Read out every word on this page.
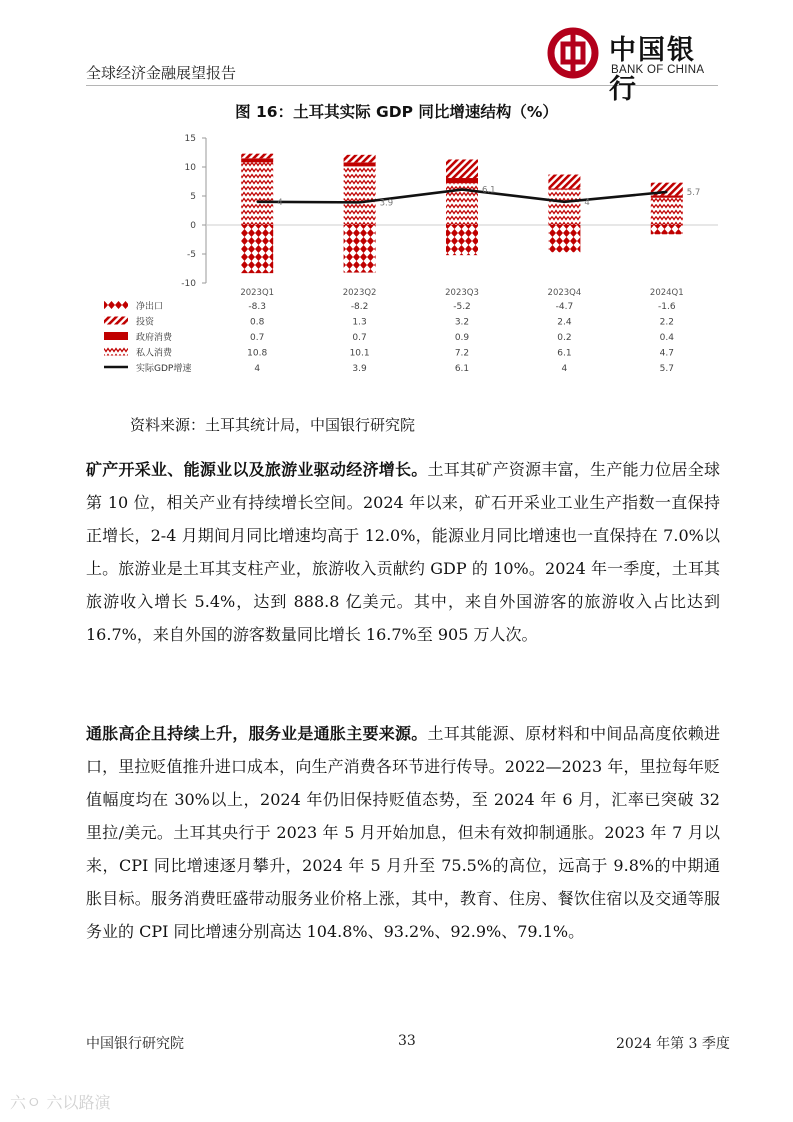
全球经济金融展望报告
中国银行
BANK OF CHINA
图 16：土耳其实际 GDP 同比增速结构（%）
-10
-5
0
5
10
15
4	3.9
6.1
4
5.7
2023Q1	2023Q2	2023Q3	2023Q4	2024Q1
净出口	-8.3	-8.2	-5.2	-4.7	-1.6
投资	0.8	1.3	3.2	2.4	2.2
政府消费	0.7	0.7	0.9	0.2	0.4
私人消费	10.8	10.1	7.2	6.1	4.7
实际GDP增速	4	3.9	6.1	4	5.7
资料来源：土耳其统计局，中国银行研究院
矿产开采业、能源业以及旅游业驱动经济增长。土耳其矿产资源丰富，生产能力位居全球第 10 位，相关产业有持续增长空间。2024 年以来，矿石开采业工业生产指数一直保持正增长，2-4 月期间月同比增速均高于 12.0%，能源业月同比增速也一直保持在 7.0%以上。旅游业是土耳其支柱产业，旅游收入贡献约 GDP 的 10%。2024 年一季度，土耳其旅游收入增长 5.4%，达到 888.8 亿美元。其中，来自外国游客的旅游收入占比达到 16.7%，来自外国的游客数量同比增长 16.7%至 905 万人次。
通胀高企且持续上升，服务业是通胀主要来源。土耳其能源、原材料和中间品高度依赖进口，里拉贬值推升进口成本，向生产消费各环节进行传导。2022—2023 年，里拉每年贬值幅度均在 30%以上，2024 年仍旧保持贬值态势，至 2024 年 6 月，汇率已突破 32 里拉/美元。土耳其央行于 2023 年 5 月开始加息，但未有效抑制通胀。2023 年 7 月以来，CPI 同比增速逐月攀升，2024 年 5 月升至 75.5%的高位，远高于 9.8%的中期通胀目标。服务消费旺盛带动服务业价格上涨，其中，教育、住房、餐饮住宿以及交通等服务业的 CPI 同比增速分别高达 104.8%、93.2%、92.9%、79.1%。
中国银行研究院	33	2024 年第 3 季度
六ㅇ 六以路演
